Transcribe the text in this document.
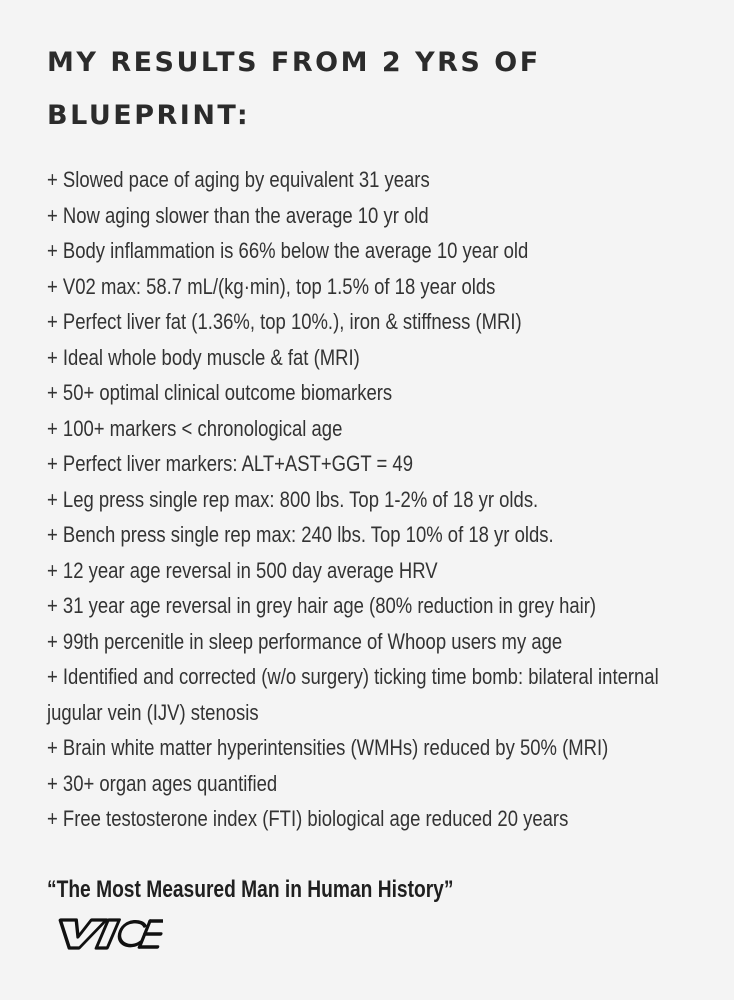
MY RESULTS FROM 2 YRS OF BLUEPRINT:
+ Slowed pace of aging by equivalent 31 years
+ Now aging slower than the average 10 yr old
+ Body inflammation is 66% below the average 10 year old
+ V02 max: 58.7 mL/(kg·min), top 1.5% of 18 year olds
+ Perfect liver fat (1.36%, top 10%.), iron & stiffness (MRI)
+ Ideal whole body muscle & fat (MRI)
+ 50+ optimal clinical outcome biomarkers
+ 100+ markers < chronological age
+ Perfect liver markers: ALT+AST+GGT = 49
+ Leg press single rep max: 800 lbs. Top 1-2% of 18 yr olds.
+ Bench press single rep max: 240 lbs. Top 10% of 18 yr olds.
+ 12 year age reversal in 500 day average HRV
+ 31 year age reversal in grey hair age (80% reduction in grey hair)
+ 99th percenitle in sleep performance of Whoop users my age
+ Identified and corrected (w/o surgery) ticking time bomb: bilateral internal jugular vein (IJV) stenosis
+ Brain white matter hyperintensities (WMHs) reduced by 50% (MRI)
+ 30+ organ ages quantified
+ Free testosterone index (FTI) biological age reduced 20 years
“The Most Measured Man in Human History”
